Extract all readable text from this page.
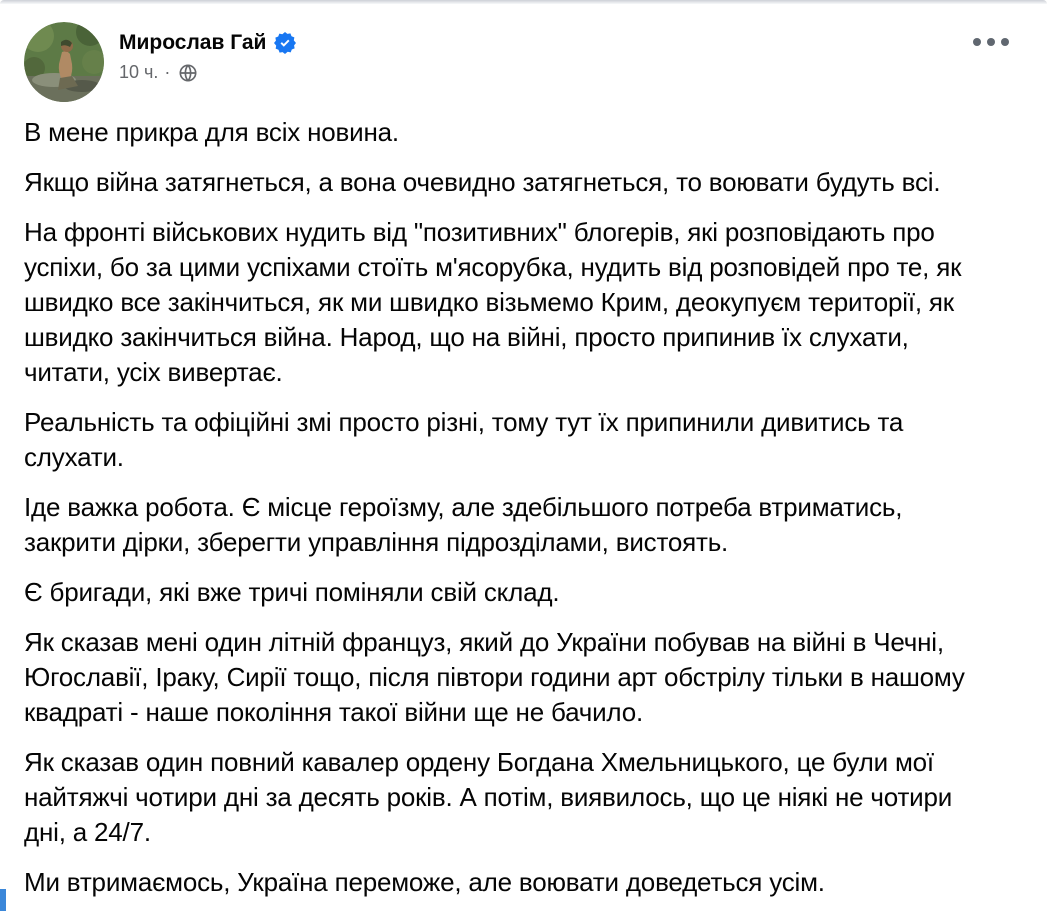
Мирослав Гай
10 ч. ·

В мене прикра для всіх новина.

Якщо війна затягнеться, а вона очевидно затягнеться, то воювати будуть всі.

На фронті військових нудить від "позитивних" блогерів, які розповідають про успіхи, бо за цими успіхами стоїть м'ясорубка, нудить від розповідей про те, як швидко все закінчиться, як ми швидко візьмемо Крим, деокупуєм території, як швидко закінчиться війна. Народ, що на війні, просто припинив їх слухати, читати, усіх вивертає.

Реальність та офіційні змі просто різні, тому тут їх припинили дивитись та слухати.

Іде важка робота. Є місце героїзму, але здебільшого потреба втриматись, закрити дірки, зберегти управління підрозділами, вистоять.

Є бригади, які вже тричі поміняли свій склад.

Як сказав мені один літній француз, який до України побував на війні в Чечні, Югославії, Іраку, Сирії тощо, після півтори години арт обстрілу тільки в нашому квадраті - наше покоління такої війни ще не бачило.

Як сказав один повний кавалер ордену Богдана Хмельницького, це були мої найтяжчі чотири дні за десять років. А потім, виявилось, що це ніякі не чотири дні, а 24/7.

Ми втримаємось, Україна переможе, але воювати доведеться усім.
